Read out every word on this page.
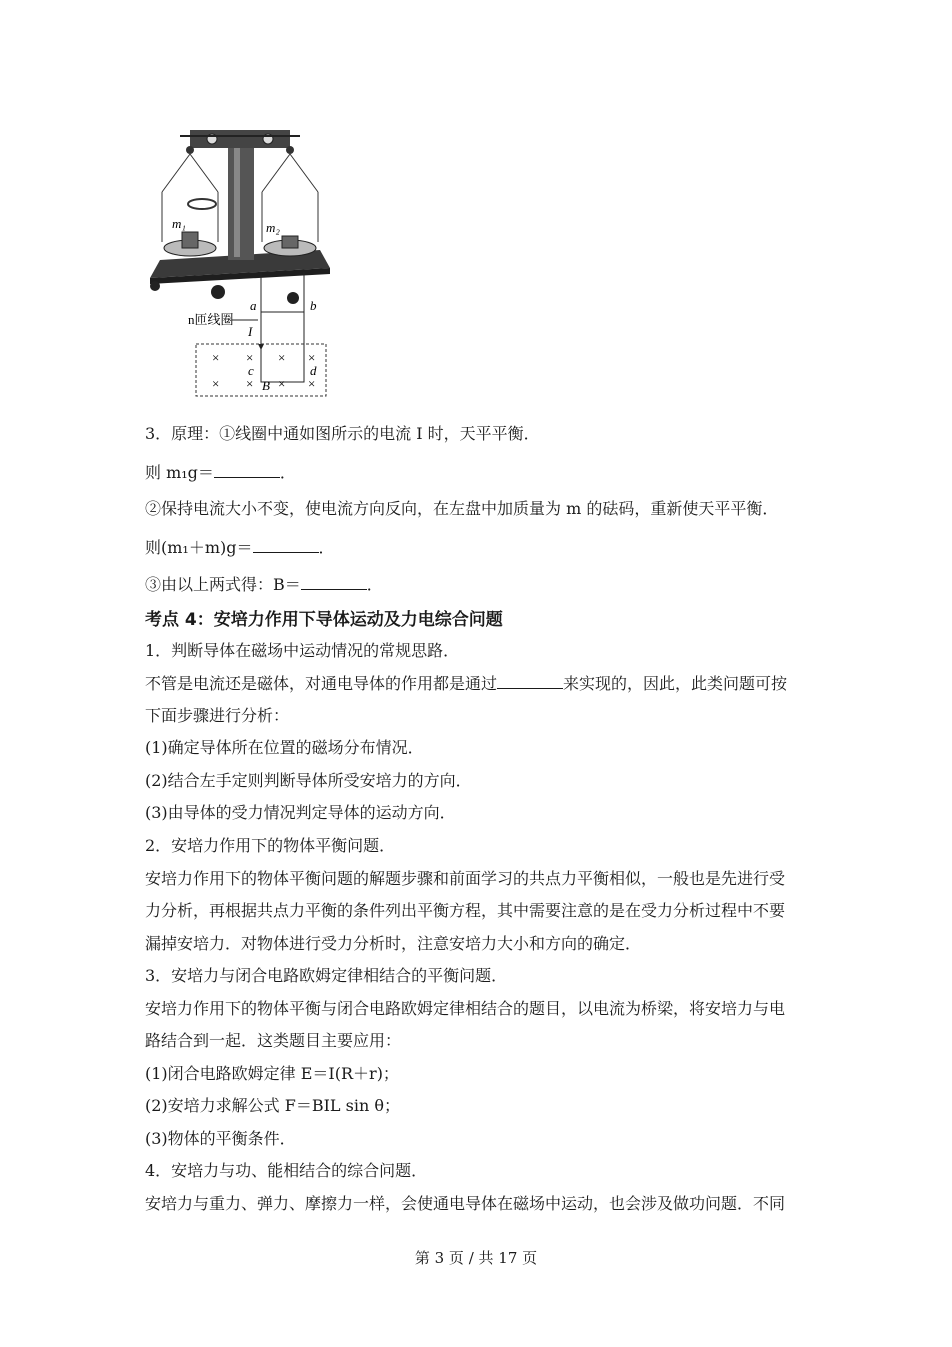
m₁	m₂
a	b
I
n匝线圈
× × × ×
× × × ×
c	d
B
3．原理：①线圈中通如图所示的电流 I 时，天平平衡．
则 m₁g＝	．
②保持电流大小不变，使电流方向反向，在左盘中加质量为 m 的砝码，重新使天平平衡．
则(m₁＋m)g＝	．
③由以上两式得：B＝	．
考点 4：安培力作用下导体运动及力电综合问题
1．判断导体在磁场中运动情况的常规思路．
不管是电流还是磁体，对通电导体的作用都是通过	来实现的，因此，此类问题可按
下面步骤进行分析：
(1)确定导体所在位置的磁场分布情况．
(2)结合左手定则判断导体所受安培力的方向．
(3)由导体的受力情况判定导体的运动方向．
2．安培力作用下的物体平衡问题．
安培力作用下的物体平衡问题的解题步骤和前面学习的共点力平衡相似，一般也是先进行受
力分析，再根据共点力平衡的条件列出平衡方程，其中需要注意的是在受力分析过程中不要
漏掉安培力．对物体进行受力分析时，注意安培力大小和方向的确定．
3．安培力与闭合电路欧姆定律相结合的平衡问题．
安培力作用下的物体平衡与闭合电路欧姆定律相结合的题目，以电流为桥梁，将安培力与电
路结合到一起．这类题目主要应用：
(1)闭合电路欧姆定律 E＝I(R＋r)；
(2)安培力求解公式 F＝BIL sin θ；
(3)物体的平衡条件．
4．安培力与功、能相结合的综合问题．
安培力与重力、弹力、摩擦力一样，会使通电导体在磁场中运动，也会涉及做功问题．不同
第 3 页 / 共 17 页
